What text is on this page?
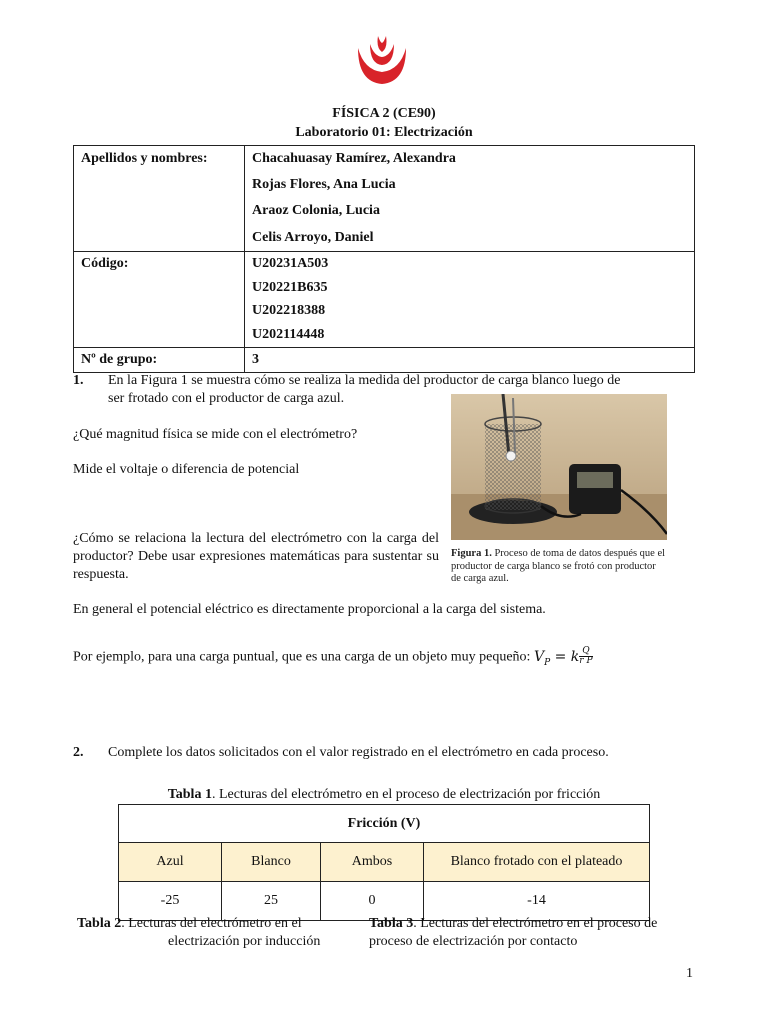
FÍSICA 2 (CE90)
Laboratorio 01: Electrización
Apellidos y nombres:	Chacahuasay Ramírez, Alexandra
Rojas Flores, Ana Lucia
Araoz Colonia, Lucia
Celis Arroyo, Daniel

Código:	U20231A503
U20221B635
U202218388
U202114448

Nº de grupo:	3
1. En la Figura 1 se muestra cómo se realiza la medida del productor de carga blanco luego de
ser frotado con el productor de carga azul.
¿Qué magnitud física se mide con el electrómetro?
Mide el voltaje o diferencia de potencial
¿Cómo se relaciona la lectura del electrómetro con la carga del productor? Debe usar expresiones matemáticas para sustentar su respuesta.
Figura 1. Proceso de toma de datos después que el productor de carga blanco se frotó con productor de carga azul.
En general el potencial eléctrico es directamente proporcional a la carga del sistema.
Por ejemplo, para una carga puntual, que es una carga de un objeto muy pequeño: $V_P = k \frac{Q}{\text{r P}}$
2. Complete los datos solicitados con el valor registrado en el electrómetro en cada proceso.
Tabla 1. Lecturas del electrómetro en el proceso de electrización por fricción
Fricción (V)			
Azul	Blanco	Ambos	Blanco frotado con el plateado
-25	25	0	-14
Tabla 2. Lecturas del electrómetro en el
electrización por inducción
Tabla 3. Lecturas del electrómetro en el proceso de
proceso de electrización por contacto
1
